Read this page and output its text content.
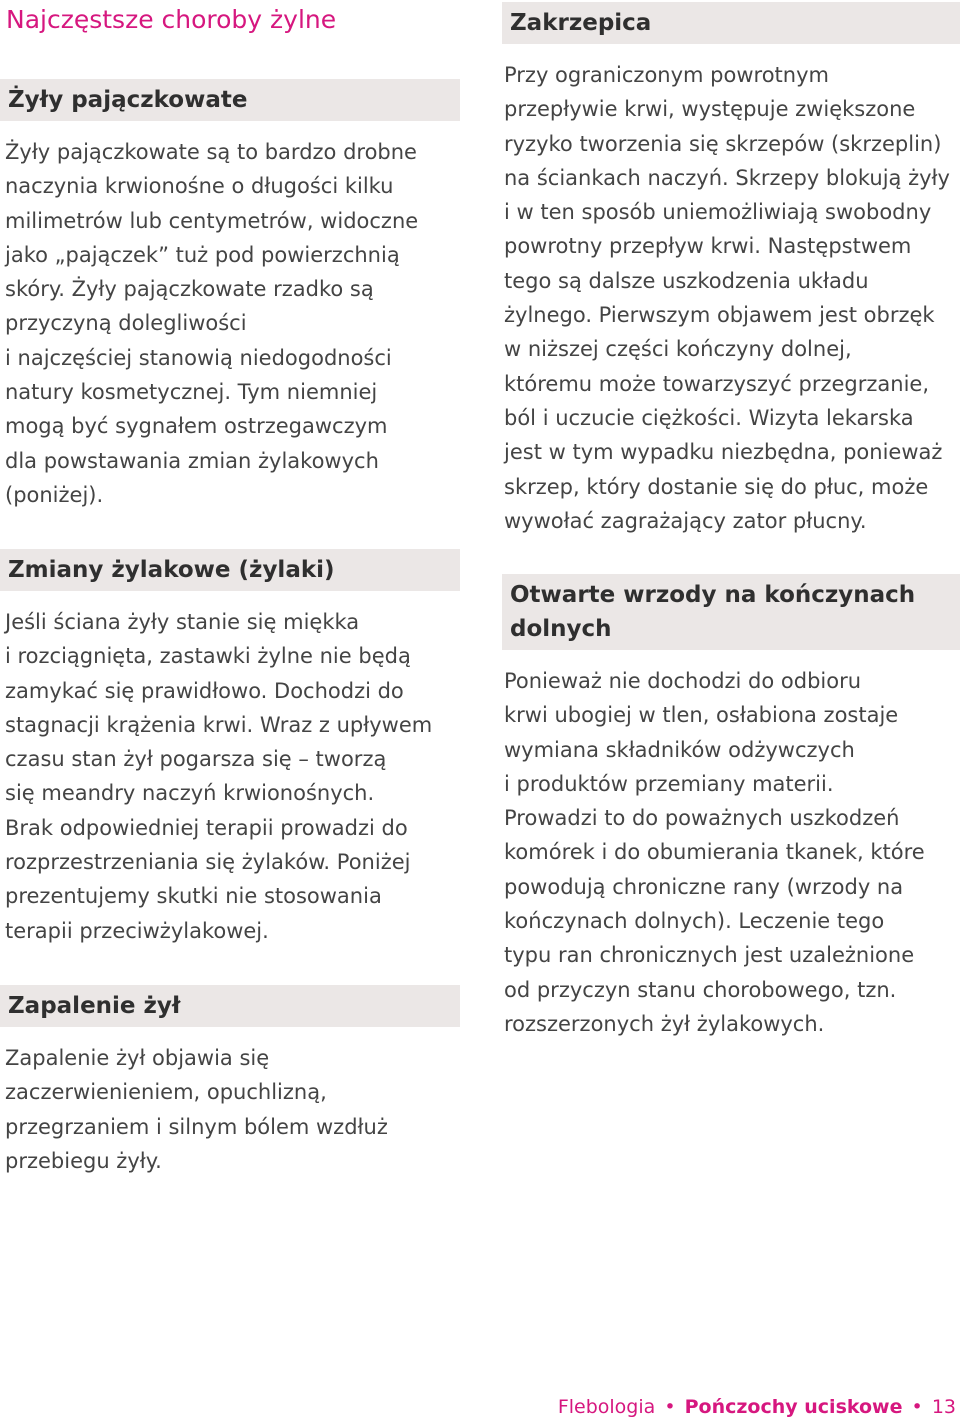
Najczęstsze choroby żylne
Żyły pajączkowate

Żyły pajączkowate są to bardzo drobne
naczynia krwionośne o długości kilku
milimetrów lub centymetrów, widoczne
jako „pajączek” tuż pod powierzchnią
skóry. Żyły pajączkowate rzadko są
przyczyną dolegliwości
i najczęściej stanowią niedogodności
natury kosmetycznej. Tym niemniej
mogą być sygnałem ostrzegawczym
dla powstawania zmian żylakowych
(poniżej).

Zmiany żylakowe (żylaki)

Jeśli ściana żyły stanie się miękka
i rozciągnięta, zastawki żylne nie będą
zamykać się prawidłowo. Dochodzi do
stagnacji krążenia krwi. Wraz z upływem
czasu stan żył pogarsza się – tworzą
się meandry naczyń krwionośnych.
Brak odpowiedniej terapii prowadzi do
rozprzestrzeniania się żylaków. Poniżej
prezentujemy skutki nie stosowania
terapii przeciwżylakowej.

Zapalenie żył

Zapalenie żył objawia się
zaczerwienieniem, opuchlizną,
przegrzaniem i silnym bólem wzdłuż
przebiegu żyły.

Zakrzepica

Przy ograniczonym powrotnym
przepływie krwi, występuje zwiększone
ryzyko tworzenia się skrzepów (skrzeplin)
na ściankach naczyń. Skrzepy blokują żyły
i w ten sposób uniemożliwiają swobodny
powrotny przepływ krwi. Następstwem
tego są dalsze uszkodzenia układu
żylnego. Pierwszym objawem jest obrzęk
w niższej części kończyny dolnej,
któremu może towarzyszyć przegrzanie,
ból i uczucie ciężkości. Wizyta lekarska
jest w tym wypadku niezbędna, ponieważ
skrzep, który dostanie się do płuc, może
wywołać zagrażający zator płucny.

Otwarte wrzody na kończynach
dolnych

Ponieważ nie dochodzi do odbioru
krwi ubogiej w tlen, osłabiona zostaje
wymiana składników odżywczych
i produktów przemiany materii.
Prowadzi to do poważnych uszkodzeń
komórek i do obumierania tkanek, które
powodują chroniczne rany (wrzody na
kończynach dolnych). Leczenie tego
typu ran chronicznych jest uzależnione
od przyczyn stanu chorobowego, tzn.
rozszerzonych żył żylakowych.

Flebologia • Pończochy uciskowe • 13
